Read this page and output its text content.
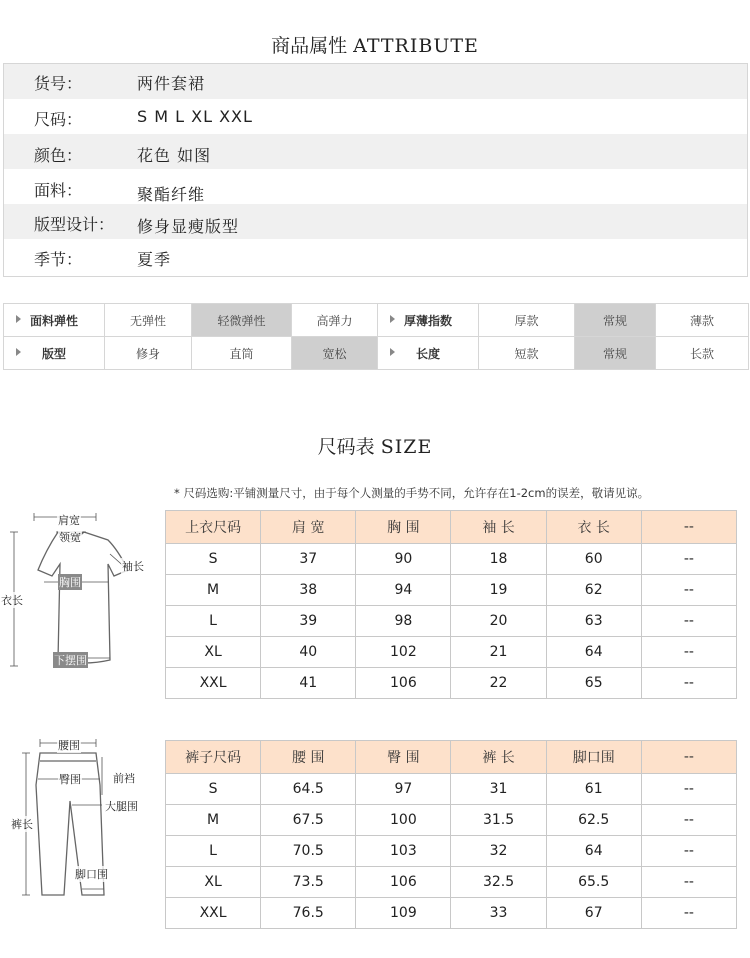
商品属性 ATTRIBUTE
货号：	两件套裙
尺码：	S M L XL XXL
颜色：	花色 如图
面料：	聚酯纤维
版型设计： 修身显瘦版型
季节：	夏季
面料弹性	无弹性	轻微弹性	高弹力	厚薄指数	厚款	常规	薄款

版型	修身	直筒	宽松	长度	短款	常规	长款
尺码表 SIZE
* 尺码选购:平铺测量尺寸，由于每个人测量的手势不同，允许存在1-2cm的误差，敬请见谅。
肩宽
领宽
袖长
胸围
衣长
下摆围
上衣尺码	肩 宽	胸 围	袖 长	衣 长	--
S	37	90	18	60	--
M	38	94	19	62	--
L	39	98	20	63	--
XL	40	102	21	64	--
XXL	41	106	22	65	--
腰围
臀围	前裆
大腿围
裤长
脚口围
裤子尺码	腰 围	臀 围	裤 长	脚口围	--
S	64.5	97	31	61	--
M	67.5	100	31.5	62.5	--
L	70.5	103	32	64	--
XL	73.5	106	32.5	65.5	--
XXL	76.5	109	33	67	--
